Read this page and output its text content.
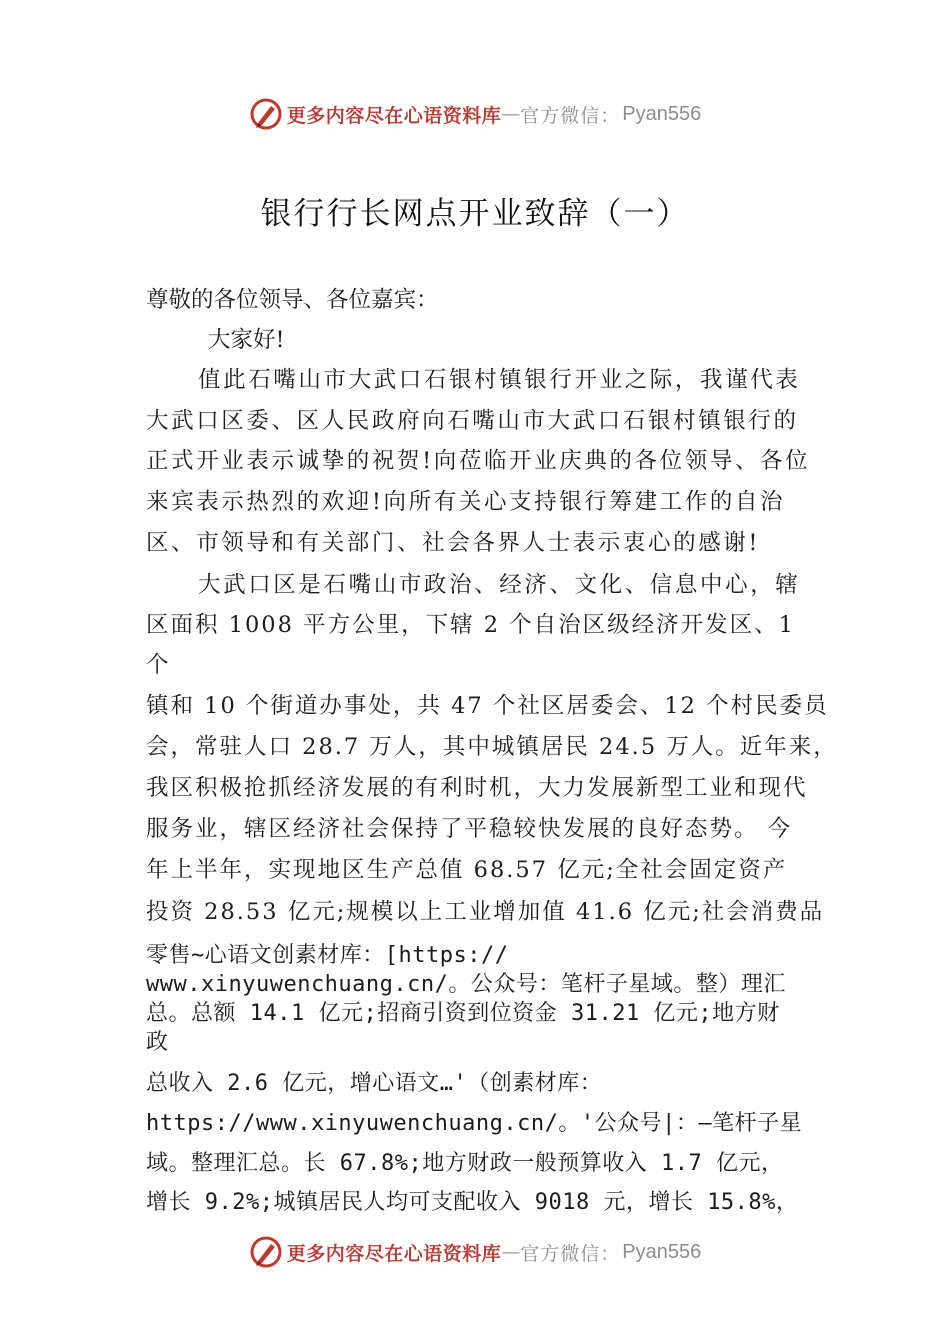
更多内容尽在心语资料库 — 官方微信： Pyan556
银行行长网点开业致辞（一）
尊敬的各位领导、各位嘉宾：
大家好!
值此石嘴山市大武口石银村镇银行开业之际，我谨代表
大武口区委、区人民政府向石嘴山市大武口石银村镇银行的
正式开业表示诚挚的祝贺!向莅临开业庆典的各位领导、各位
来宾表示热烈的欢迎!向所有关心支持银行筹建工作的自治
区、市领导和有关部门、社会各界人士表示衷心的感谢!
大武口区是石嘴山市政治、经济、文化、信息中心，辖
区面积 1008 平方公里，下辖 2 个自治区级经济开发区、1
个
镇和 10 个街道办事处，共 47 个社区居委会、12 个村民委员
会，常驻人口 28.7 万人，其中城镇居民 24.5 万人。近年来，
我区积极抢抓经济发展的有利时机，大力发展新型工业和现代
服务业，辖区经济社会保持了平稳较快发展的良好态势。 今
年上半年，实现地区生产总值 68.57 亿元;全社会固定资产
投资 28.53 亿元;规模以上工业增加值 41.6 亿元;社会消费品
零售~心语文创素材库：[https://
www.xinyuwenchuang.cn/。公众号：笔杆子星域。整）理汇
总。总额 14.1 亿元;招商引资到位资金 31.21 亿元;地方财
政
总收入 2.6 亿元，增心语文…'（创素材库：
https://www.xinyuwenchuang.cn/。'公众号|：—笔杆子星
域。整理汇总。长 67.8%;地方财政一般预算收入 1.7 亿元，
增长 9.2%;城镇居民人均可支配收入 9018 元，增长 15.8%，
更多内容尽在心语资料库 — 官方微信： Pyan556
